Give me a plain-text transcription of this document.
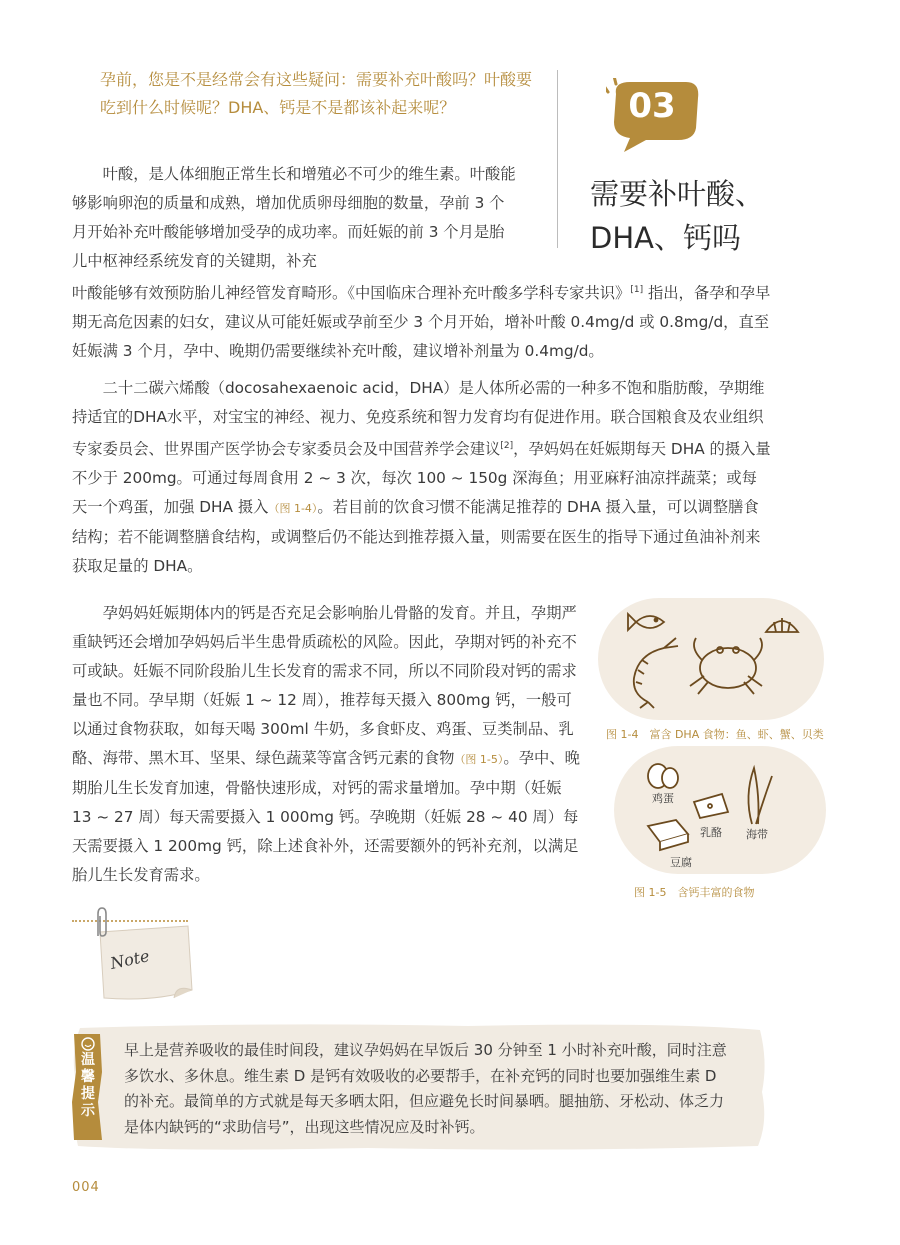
孕前，您是不是经常会有这些疑问：需要补充叶酸吗？叶酸要吃到什么时候呢？DHA、钙是不是都该补起来呢？	03
需要补叶酸、
DHA、钙吗

叶酸，是人体细胞正常生长和增殖必不可少的维生素。叶酸能够影响卵泡的质量和成熟，增加优质卵母细胞的数量，孕前 3 个月开始补充叶酸能够增加受孕的成功率。而妊娠的前 3 个月是胎儿中枢神经系统发育的关键期，补充

叶酸能够有效预防胎儿神经管发育畸形。《中国临床合理补充叶酸多学科专家共识》[1] 指出，备孕和孕早期无高危因素的妇女，建议从可能妊娠或孕前至少 3 个月开始，增补叶酸 0.4mg/d 或 0.8mg/d，直至妊娠满 3 个月，孕中、晚期仍需要继续补充叶酸，建议增补剂量为 0.4mg/d。

二十二碳六烯酸（docosahexaenoic acid，DHA）是人体所必需的一种多不饱和脂肪酸，孕期维持适宜的DHA水平，对宝宝的神经、视力、免疫系统和智力发育均有促进作用。联合国粮食及农业组织专家委员会、世界围产医学协会专家委员会及中国营养学会建议[2]，孕妈妈在妊娠期每天 DHA 的摄入量不少于 200mg。可通过每周食用 2 ~ 3 次，每次 100 ~ 150g 深海鱼；用亚麻籽油凉拌蔬菜；或每天一个鸡蛋，加强 DHA 摄入（图 1-4）。若目前的饮食习惯不能满足推荐的 DHA 摄入量，可以调整膳食结构；若不能调整膳食结构，或调整后仍不能达到推荐摄入量，则需要在医生的指导下通过鱼油补剂来获取足量的 DHA。

孕妈妈妊娠期体内的钙是否充足会影响胎儿骨骼的发育。并且，孕期严重缺钙还会增加孕妈妈后半生患骨质疏松的风险。因此，孕期对钙的补充不可或缺。妊娠不同阶段胎儿生长发育的需求不同，所以不同阶段对钙的需求量也不同。孕早期（妊娠 1 ~ 12 周），推荐每天摄入 800mg 钙，一般可以通过食物获取，如每天喝 300ml 牛奶，多食虾皮、鸡蛋、豆类制品、乳酪、海带、黑木耳、坚果、绿色蔬菜等富含钙元素的食物（图 1-5）。孕中、晚期胎儿生长发育加速，骨骼快速形成，对钙的需求量增加。孕中期（妊娠 13 ~ 27 周）每天需要摄入 1 000mg 钙。孕晚期（妊娠 28 ~ 40 周）每天需要摄入 1 200mg 钙，除上述食补外，还需要额外的钙补充剂，以满足胎儿生长发育需求。

图 1-4　富含 DHA 食物：鱼、虾、蟹、贝类
鸡蛋
乳酪 海带
豆腐
图 1-5　含钙丰富的食物
Note
温馨提示
早上是营养吸收的最佳时间段，建议孕妈妈在早饭后 30 分钟至 1 小时补充叶酸，同时注意多饮水、多休息。维生素 D 是钙有效吸收的必要帮手，在补充钙的同时也要加强维生素 D 的补充。最简单的方式就是每天多晒太阳，但应避免长时间暴晒。腿抽筋、牙松动、体乏力是体内缺钙的“求助信号”，出现这些情况应及时补钙。
004
